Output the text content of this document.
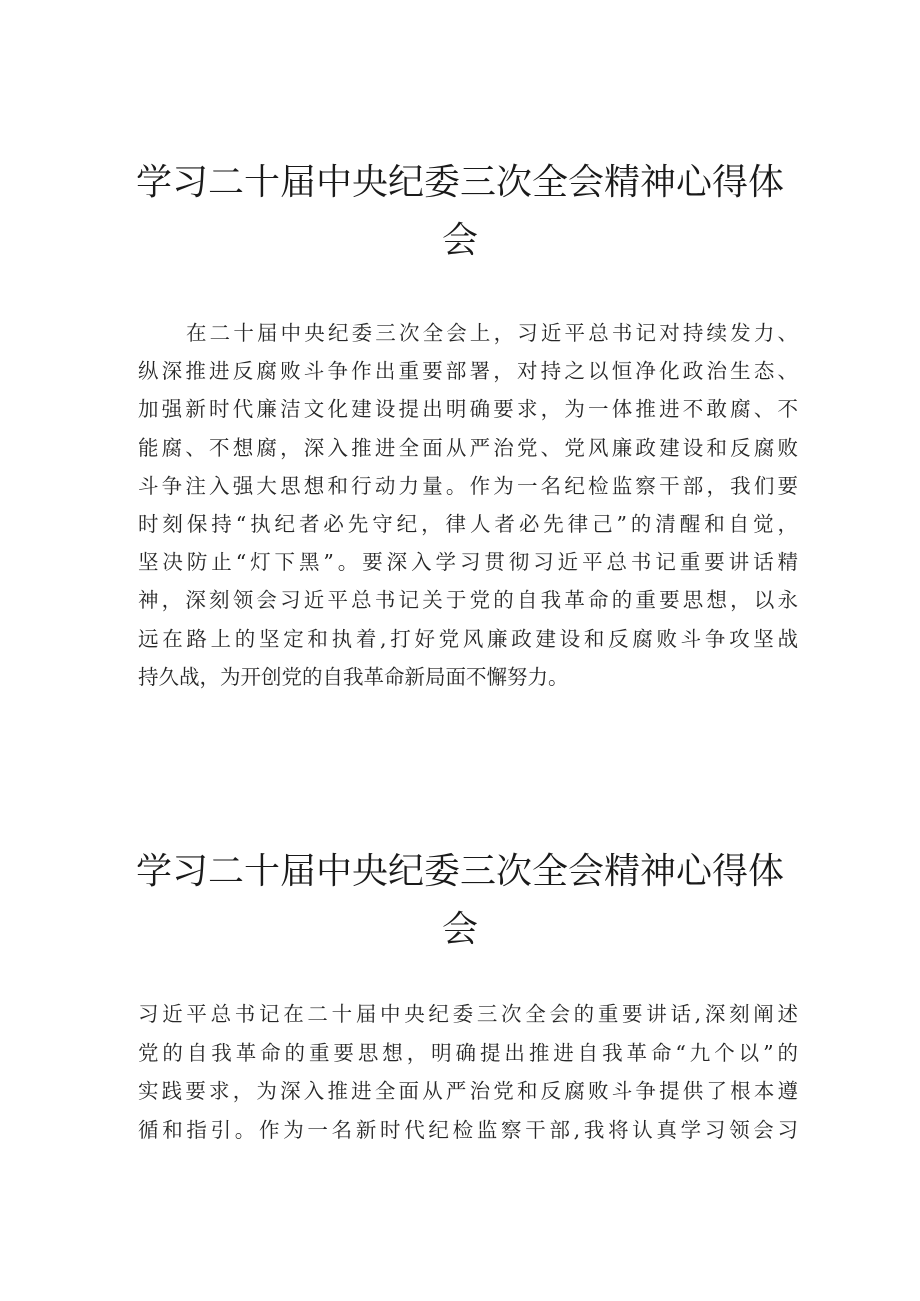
学习二十届中央纪委三次全会精神心得体
会
在二十届中央纪委三次全会上，习近平总书记对持续发力、
纵深推进反腐败斗争作出重要部署，对持之以恒净化政治生态、
加强新时代廉洁文化建设提出明确要求，为一体推进不敢腐、不
能腐、不想腐，深入推进全面从严治党、党风廉政建设和反腐败
斗争注入强大思想和行动力量。作为一名纪检监察干部，我们要
时刻保持“执纪者必先守纪，律人者必先律己”的清醒和自觉，
坚决防止“灯下黑”。要深入学习贯彻习近平总书记重要讲话精
神，深刻领会习近平总书记关于党的自我革命的重要思想，以永
远在路上的坚定和执着,打好党风廉政建设和反腐败斗争攻坚战
持久战，为开创党的自我革命新局面不懈努力。
学习二十届中央纪委三次全会精神心得体
会
习近平总书记在二十届中央纪委三次全会的重要讲话,深刻阐述
党的自我革命的重要思想，明确提出推进自我革命“九个以”的
实践要求，为深入推进全面从严治党和反腐败斗争提供了根本遵
循和指引。作为一名新时代纪检监察干部,我将认真学习领会习
